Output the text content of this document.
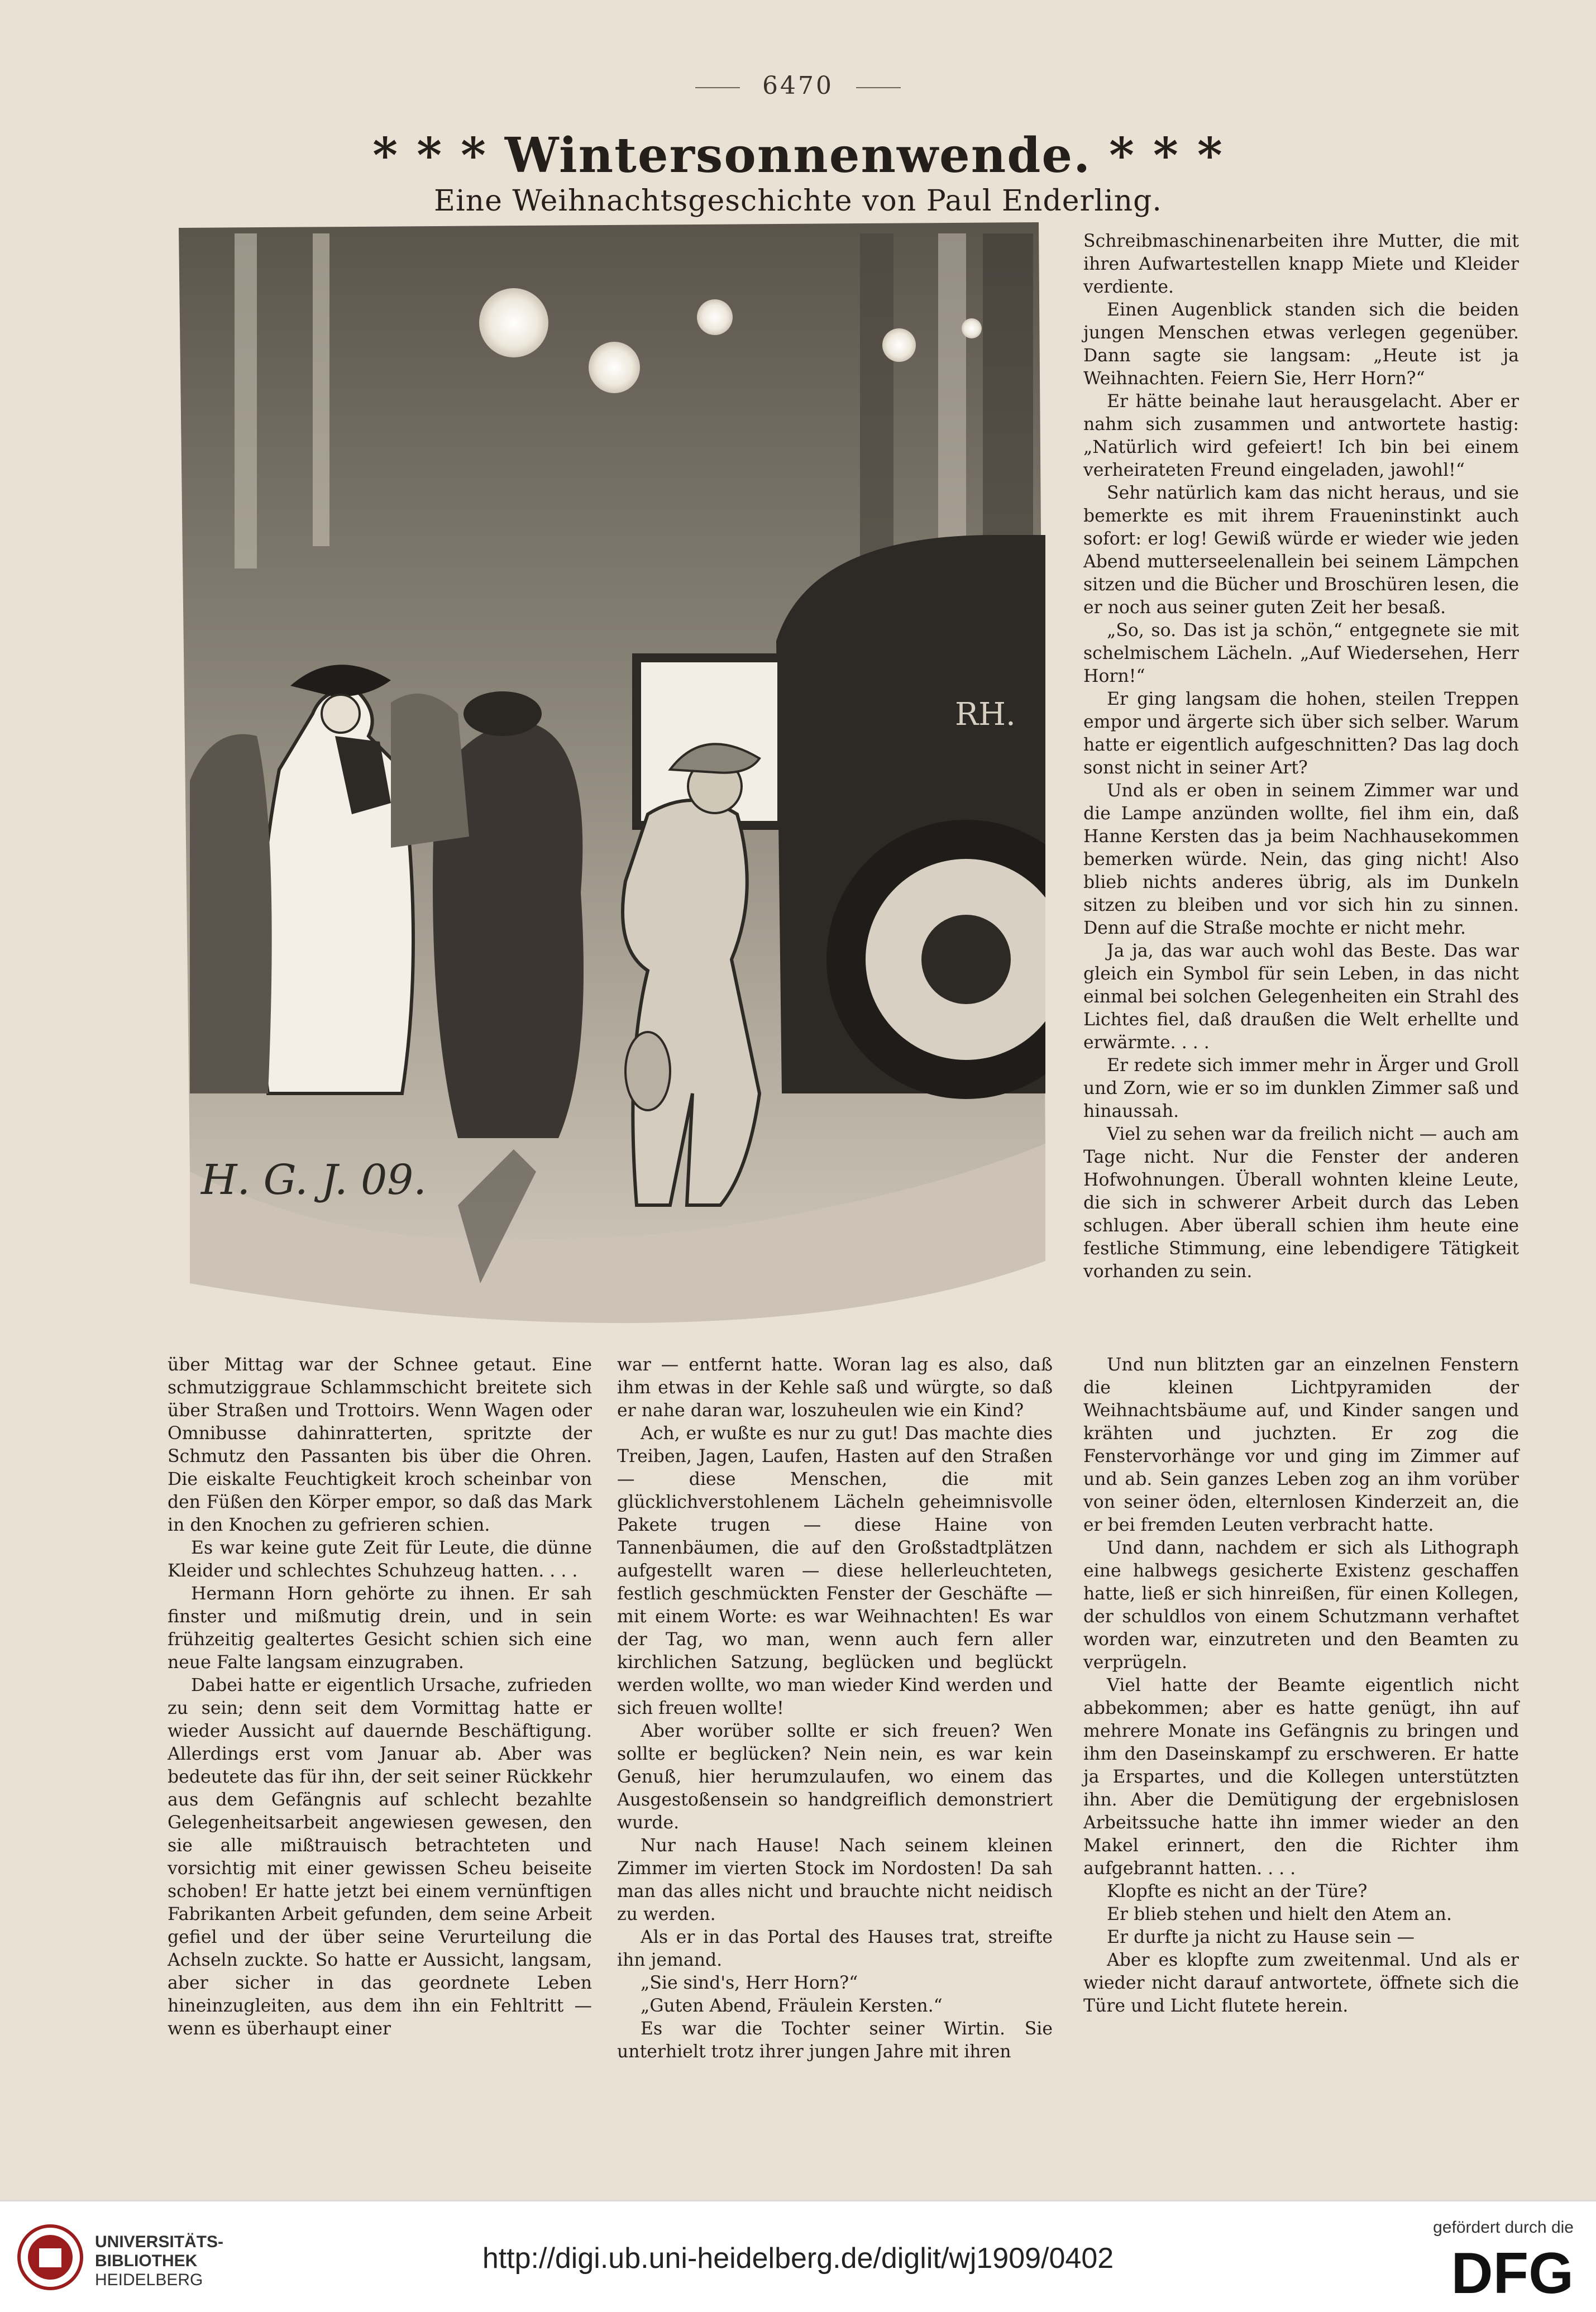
6470
* * * Wintersonnenwende. * * *
Eine Weihnachtsgeschichte von Paul Enderling.
RH.
H. G. J. 09.

Schreibmaschinenarbeiten ihre Mutter, die mit ihren Aufwartestellen knapp Miete und Kleider verdiente.

Einen Augenblick standen sich die beiden jungen Menschen etwas verlegen gegenüber. Dann sagte sie langsam: „Heute ist ja Weihnachten. Feiern Sie, Herr Horn?“

Er hätte beinahe laut herausgelacht. Aber er nahm sich zusammen und antwortete hastig: „Natürlich wird gefeiert! Ich bin bei einem verheirateten Freund eingeladen, jawohl!“

Sehr natürlich kam das nicht heraus, und sie bemerkte es mit ihrem Fraueninstinkt auch sofort: er log! Gewiß würde er wieder wie jeden Abend mutterseelenallein bei seinem Lämpchen sitzen und die Bücher und Broschüren lesen, die er noch aus seiner guten Zeit her besaß.

„So, so. Das ist ja schön,“ entgegnete sie mit schelmischem Lächeln. „Auf Wiedersehen, Herr Horn!“

Er ging langsam die hohen, steilen Treppen empor und ärgerte sich über sich selber. Warum hatte er eigentlich aufgeschnitten? Das lag doch sonst nicht in seiner Art?

Und als er oben in seinem Zimmer war und die Lampe anzünden wollte, fiel ihm ein, daß Hanne Kersten das ja beim Nachhausekommen bemerken würde. Nein, das ging nicht! Also blieb nichts anderes übrig, als im Dunkeln sitzen zu bleiben und vor sich hin zu sinnen. Denn auf die Straße mochte er nicht mehr.

Ja ja, das war auch wohl das Beste. Das war gleich ein Symbol für sein Leben, in das nicht einmal bei solchen Gelegenheiten ein Strahl des Lichtes fiel, daß draußen die Welt erhellte und erwärmte. . . .

Er redete sich immer mehr in Ärger und Groll und Zorn, wie er so im dunklen Zimmer saß und hinaussah.

Viel zu sehen war da freilich nicht — auch am Tage nicht. Nur die Fenster der anderen Hofwohnungen. Überall wohnten kleine Leute, die sich in schwerer Arbeit durch das Leben schlugen. Aber überall schien ihm heute eine festliche Stimmung, eine lebendigere Tätigkeit vorhanden zu sein.

über Mittag war der Schnee getaut. Eine schmutziggraue Schlammschicht breitete sich über Straßen und Trottoirs. Wenn Wagen oder Omnibusse dahinratterten, spritzte der Schmutz den Passanten bis über die Ohren. Die eiskalte Feuchtigkeit kroch scheinbar von den Füßen den Körper empor, so daß das Mark in den Knochen zu gefrieren schien.

Es war keine gute Zeit für Leute, die dünne Kleider und schlechtes Schuhzeug hatten. . . .

Hermann Horn gehörte zu ihnen. Er sah finster und mißmutig drein, und in sein frühzeitig gealtertes Gesicht schien sich eine neue Falte langsam einzugraben.

Dabei hatte er eigentlich Ursache, zufrieden zu sein; denn seit dem Vormittag hatte er wieder Aussicht auf dauernde Beschäftigung. Allerdings erst vom Januar ab. Aber was bedeutete das für ihn, der seit seiner Rückkehr aus dem Gefängnis auf schlecht bezahlte Gelegenheitsarbeit angewiesen gewesen, den sie alle mißtrauisch betrachteten und vorsichtig mit einer gewissen Scheu beiseite schoben! Er hatte jetzt bei einem vernünftigen Fabrikanten Arbeit gefunden, dem seine Arbeit gefiel und der über seine Verurteilung die Achseln zuckte. So hatte er Aussicht, langsam, aber sicher in das geordnete Leben hineinzugleiten, aus dem ihn ein Fehltritt — wenn es überhaupt einer

war — entfernt hatte. Woran lag es also, daß ihm etwas in der Kehle saß und würgte, so daß er nahe daran war, loszuheulen wie ein Kind?

Ach, er wußte es nur zu gut! Das machte dies Treiben, Jagen, Laufen, Hasten auf den Straßen — diese Menschen, die mit glücklichverstohlenem Lächeln geheimnisvolle Pakete trugen — diese Haine von Tannenbäumen, die auf den Großstadtplätzen aufgestellt waren — diese hellerleuchteten, festlich geschmückten Fenster der Geschäfte — mit einem Worte: es war Weihnachten! Es war der Tag, wo man, wenn auch fern aller kirchlichen Satzung, beglücken und beglückt werden wollte, wo man wieder Kind werden und sich freuen wollte!

Aber worüber sollte er sich freuen? Wen sollte er beglücken? Nein nein, es war kein Genuß, hier herumzulaufen, wo einem das Ausgestoßensein so handgreiflich demonstriert wurde.

Nur nach Hause! Nach seinem kleinen Zimmer im vierten Stock im Nordosten! Da sah man das alles nicht und brauchte nicht neidisch zu werden.

Als er in das Portal des Hauses trat, streifte ihn jemand.

„Sie sind's, Herr Horn?“

„Guten Abend, Fräulein Kersten.“

Es war die Tochter seiner Wirtin. Sie unterhielt trotz ihrer jungen Jahre mit ihren

Und nun blitzten gar an einzelnen Fenstern die kleinen Lichtpyramiden der Weihnachtsbäume auf, und Kinder sangen und krähten und juchzten. Er zog die Fenstervorhänge vor und ging im Zimmer auf und ab. Sein ganzes Leben zog an ihm vorüber von seiner öden, elternlosen Kinderzeit an, die er bei fremden Leuten verbracht hatte.

Und dann, nachdem er sich als Lithograph eine halbwegs gesicherte Existenz geschaffen hatte, ließ er sich hinreißen, für einen Kollegen, der schuldlos von einem Schutzmann verhaftet worden war, einzutreten und den Beamten zu verprügeln.

Viel hatte der Beamte eigentlich nicht abbekommen; aber es hatte genügt, ihn auf mehrere Monate ins Gefängnis zu bringen und ihm den Daseinskampf zu erschweren. Er hatte ja Erspartes, und die Kollegen unterstützten ihn. Aber die Demütigung der ergebnislosen Arbeitssuche hatte ihn immer wieder an den Makel erinnert, den die Richter ihm aufgebrannt hatten. . . .

Klopfte es nicht an der Türe?

Er blieb stehen und hielt den Atem an.

Er durfte ja nicht zu Hause sein —

Aber es klopfte zum zweitenmal. Und als er wieder nicht darauf antwortete, öffnete sich die Türe und Licht flutete herein.

UNIVERSITÄTS-
BIBLIOTHEK
HEIDELBERG
http://digi.ub.uni-heidelberg.de/diglit/wj1909/0402
gefördert durch die
DFG
